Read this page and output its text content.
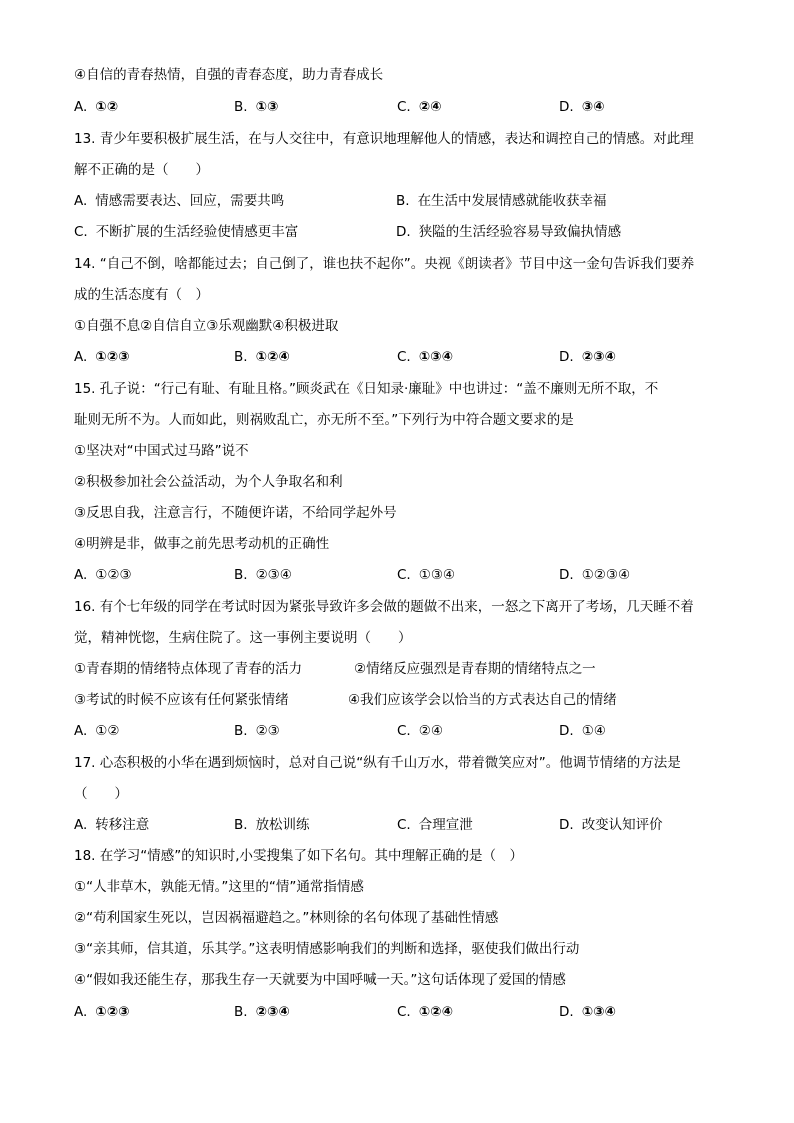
④自信的青春热情，自强的青春态度，助力青春成长
A. ①②	B. ①③	C. ②④	D. ③④
13. 青少年要积极扩展生活，在与人交往中，有意识地理解他人的情感，表达和调控自己的情感。对此理
解不正确的是（　　）
A. 情感需要表达、回应，需要共鸣	B. 在生活中发展情感就能收获幸福
C. 不断扩展的生活经验使情感更丰富	D. 狭隘的生活经验容易导致偏执情感
14. “自己不倒，啥都能过去；自己倒了，谁也扶不起你”。央视《朗读者》节目中这一金句告诉我们要养
成的生活态度有（　）
①自强不息②自信自立③乐观幽默④积极进取
A. ①②③	B. ①②④	C. ①③④	D. ②③④
15. 孔子说：“行己有耻、有耻且格。”顾炎武在《日知录·廉耻》中也讲过：“盖不廉则无所不取，不
耻则无所不为。人而如此，则祸败乱亡，亦无所不至。”下列行为中符合题文要求的是
①坚决对“中国式过马路”说不
②积极参加社会公益活动，为个人争取名和利
③反思自我，注意言行，不随便许诺，不给同学起外号
④明辨是非，做事之前先思考动机的正确性
A. ①②③	B. ②③④	C. ①③④	D. ①②③④
16. 有个七年级的同学在考试时因为紧张导致许多会做的题做不出来，一怒之下离开了考场，几天睡不着
觉，精神恍惚，生病住院了。这一事例主要说明（　　）
①青春期的情绪特点体现了青春的活力	②情绪反应强烈是青春期的情绪特点之一
③考试的时候不应该有任何紧张情绪	④我们应该学会以恰当的方式表达自己的情绪
A. ①②	B. ②③	C. ②④	D. ①④
17. 心态积极的小华在遇到烦恼时，总对自己说“纵有千山万水，带着微笑应对”。他调节情绪的方法是
（　　）
A. 转移注意	B. 放松训练	C. 合理宣泄	D. 改变认知评价
18. 在学习“情感”的知识时,小雯搜集了如下名句。其中理解正确的是（　）
①“人非草木，孰能无情。”这里的“情”通常指情感
②“苟利国家生死以，岂因祸福避趋之。”林则徐的名句体现了基础性情感
③“亲其师，信其道，乐其学。”这表明情感影响我们的判断和选择，驱使我们做出行动
④“假如我还能生存，那我生存一天就要为中国呼喊一天。”这句话体现了爱国的情感
A. ①②③	B. ②③④	C. ①②④	D. ①③④
